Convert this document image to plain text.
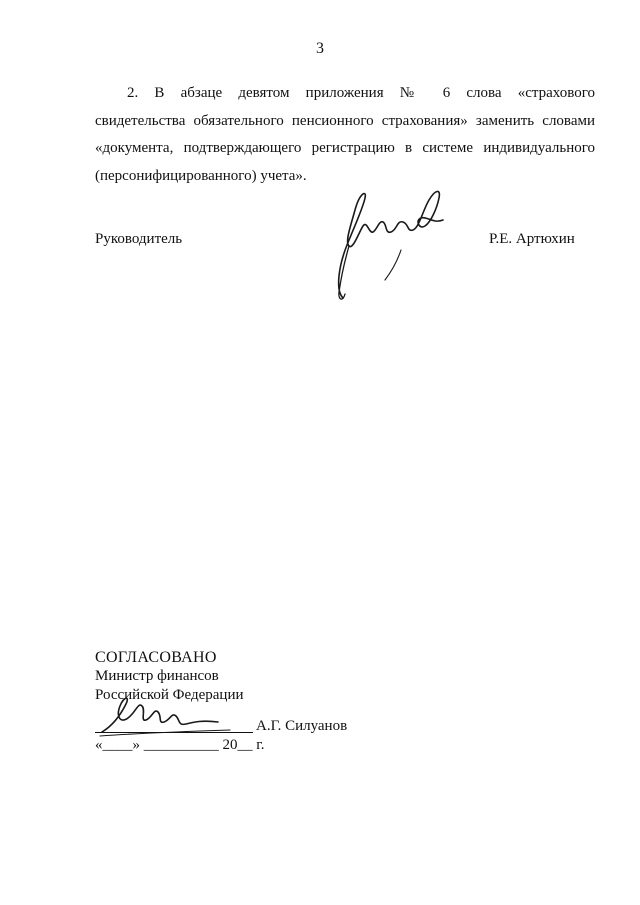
3
2. В абзаце девятом приложения № 6 слова «страхового
свидетельства обязательного пенсионного страхования» заменить словами
«документа, подтверждающего регистрацию в системе индивидуального
(персонифицированного) учета».
Руководитель	Р.Е. Артюхин
СОГЛАСОВАНО
Министр финансов
Российской Федерации
А.Г. Силуанов
«____» __________ 20__ г.
